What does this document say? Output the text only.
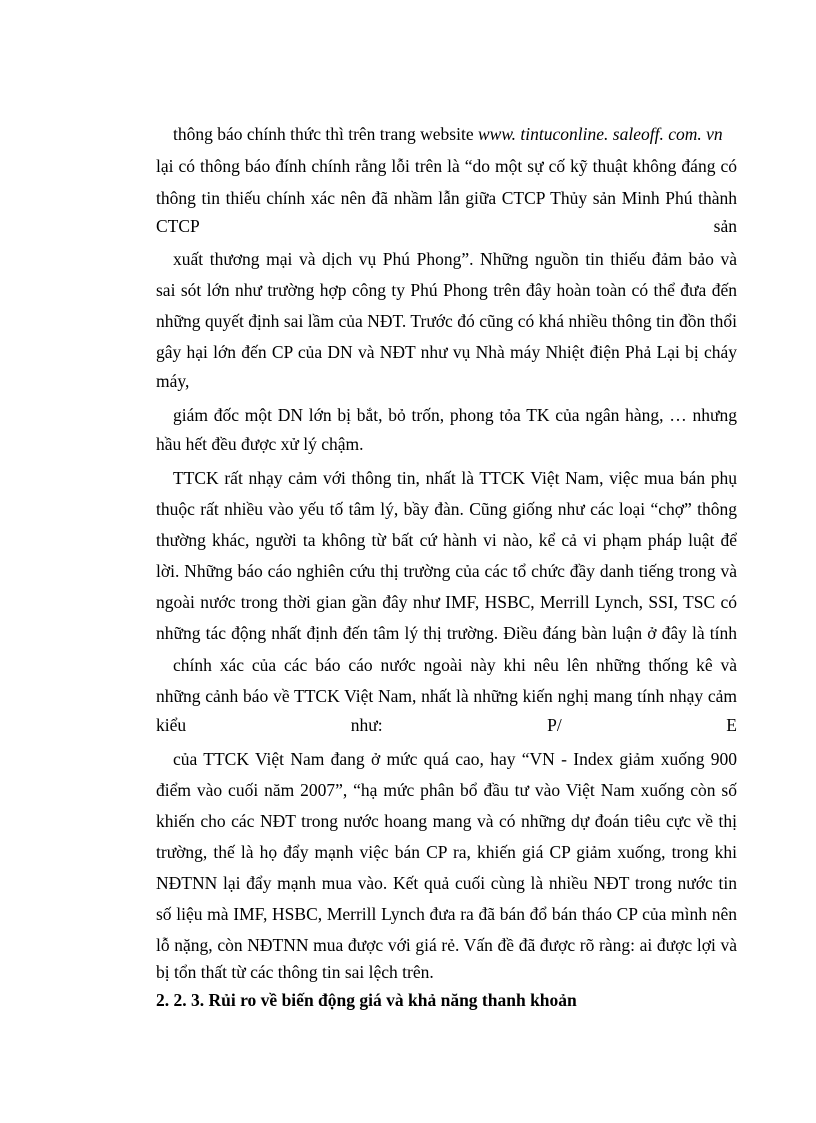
thông báo chính thức thì trên trang website www. tintuconline. saleoff. com. vn
lại có thông báo đính chính rằng lỗi trên là “do một sự cố kỹ thuật không đáng có
thông tin thiếu chính xác nên đã nhầm lẫn giữa CTCP Thủy sản Minh Phú thành
CTCP	sản
xuất thương mại và dịch vụ Phú Phong”. Những nguồn tin thiếu đảm bảo và
sai sót lớn như trường hợp công ty Phú Phong trên đây hoàn toàn có thể đưa đến
những quyết định sai lầm của NĐT. Trước đó cũng có khá nhiều thông tin đồn thổi
gây hại lớn đến CP của DN và NĐT như vụ Nhà máy Nhiệt điện Phả Lại bị cháy
máy,
giám đốc một DN lớn bị bắt, bỏ trốn, phong tỏa TK của ngân hàng, … nhưng
hầu hết đều được xử lý chậm.
TTCK rất nhạy cảm với thông tin, nhất là TTCK Việt Nam, việc mua bán phụ
thuộc rất nhiều vào yếu tố tâm lý, bầy đàn. Cũng giống như các loại “chợ” thông
thường khác, người ta không từ bất cứ hành vi nào, kể cả vi phạm pháp luật để
lời. Những báo cáo nghiên cứu thị trường của các tổ chức đầy danh tiếng trong và
ngoài nước trong thời gian gần đây như IMF, HSBC, Merrill Lynch, SSI, TSC có
những tác động nhất định đến tâm lý thị trường. Điều đáng bàn luận ở đây là tính
chính xác của các báo cáo nước ngoài này khi nêu lên những thống kê và
những cảnh báo về TTCK Việt Nam, nhất là những kiến nghị mang tính nhạy cảm
kiểu	như:	P/	E
của TTCK Việt Nam đang ở mức quá cao, hay “VN - Index giảm xuống 900
điểm vào cuối năm 2007”, “hạ mức phân bổ đầu tư vào Việt Nam xuống còn số
khiến cho các NĐT trong nước hoang mang và có những dự đoán tiêu cực về thị
trường, thế là họ đẩy mạnh việc bán CP ra, khiến giá CP giảm xuống, trong khi
NĐTNN lại đẩy mạnh mua vào. Kết quả cuối cùng là nhiều NĐT trong nước tin
số liệu mà IMF, HSBC, Merrill Lynch đưa ra đã bán đổ bán tháo CP của mình nên
lỗ nặng, còn NĐTNN mua được với giá rẻ. Vấn đề đã được rõ ràng: ai được lợi và
bị tổn thất từ các thông tin sai lệch trên.
2. 2. 3. Rủi ro về biến động giá và khả năng thanh khoản
